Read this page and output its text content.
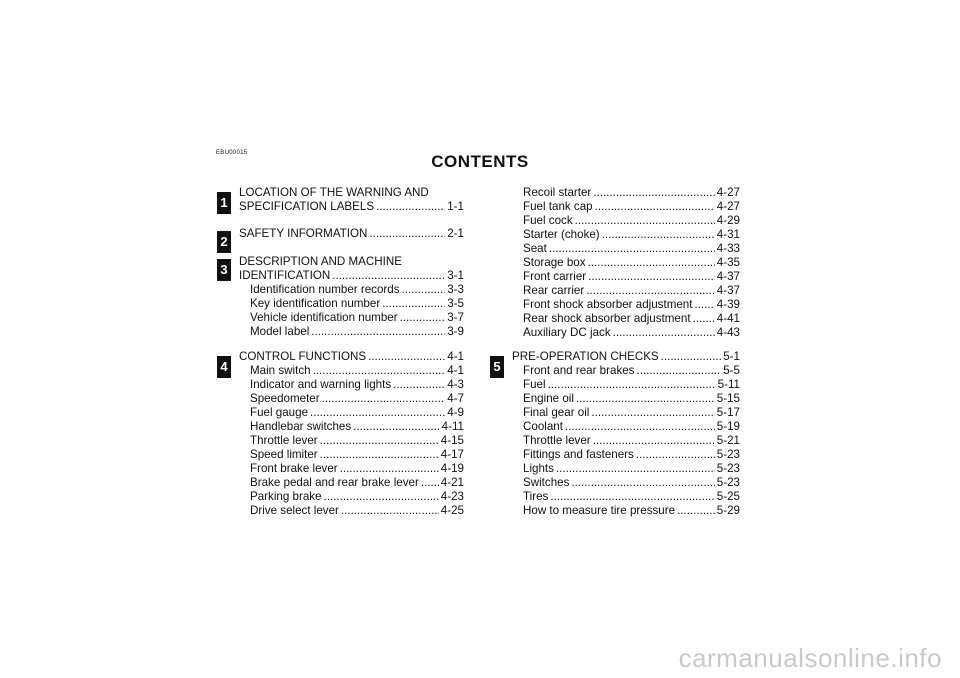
EBU00015	CONTENTS
1
2
3
4	5
LOCATION OF THE WARNING AND
SPECIFICATION LABELS .....	1-1
SAFETY INFORMATION .....	2-1
DESCRIPTION AND MACHINE
IDENTIFICATION .....	3-1
Identification number records .....	3-3
Key identification number .....	3-5
Vehicle identification number .....	3-7
Model label .....	3-9
CONTROL FUNCTIONS .....	4-1
Main switch .....	4-1
Indicator and warning lights .....	4-3
Speedometer .....	4-7
Fuel gauge .....	4-9
Handlebar switches .....	4-11
Throttle lever .....	4-15
Speed limiter .....	4-17
Front brake lever .....	4-19
Brake pedal and rear brake lever ..... 4-21
Parking brake .....	4-23
Drive select lever .....	4-25
Recoil starter .....	4-27
Fuel tank cap .....	4-27
Fuel cock .....	4-29
Starter (choke) .....	4-31
Seat .....	4-33
Storage box .....	4-35
Front carrier .....	4-37
Rear carrier .....	4-37
Front shock absorber adjustment ..... 4-39
Rear shock absorber adjustment ..... 4-41
Auxiliary DC jack .....	4-43
PRE-OPERATION CHECKS .....	5-1
Front and rear brakes .....	5-5
Fuel .....	5-11
Engine oil .....	5-15
Final gear oil .....	5-17
Coolant .....	5-19
Throttle lever .....	5-21
Fittings and fasteners .....	5-23
Lights .....	5-23
Switches .....	5-23
Tires .....	5-25
How to measure tire pressure .....	5-29
carmanualsonline.info
